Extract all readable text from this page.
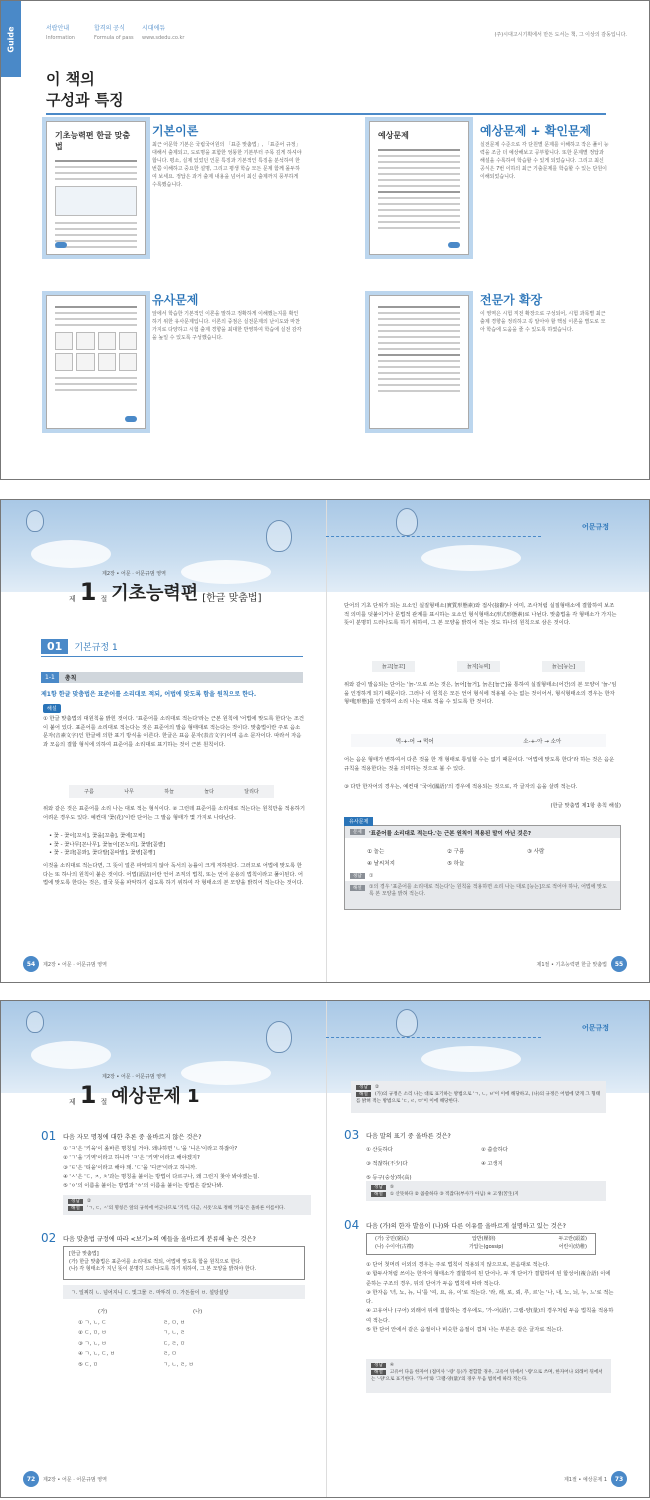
Guide	서랍안내
Information
합격의 공식
Formula of pass
시대에듀
www.sdedu.co.kr	(주)시대고시기획에서 만든 도서는 책, 그 이상의 감동입니다.
이 책의
구성과 특징
기초능력편 한글 맞춤법
기본이론
최근 어문학 기본은 국립국어원의 「표준 맞춤법」, 「표준어 규정」 대해서 출제되고, 도로명을 포함한 엉뚱한 기본부터 주목 깊게 하셔야 합니다. 평소, 실제 있었던 인문 특징과 기본적인 특징을 분석하여 한번쯤 이해하고 중요한 설명, 그리고 평생 학습 모든 문제 함께 몰두하여 보세요. 정답은 과거 출제 내용을 넘어서 최신 출제까지 풍부하게 수록했습니다.
예상문제	예상문제 + 확인문제
실전문제 수준으로 각 단원별 문제를 이해하고 작은 풀이 능력을 조금 더 예상해보고 공부합니다. 또한 문제별 정답과 해설을 수록하여 학습할 수 있게 되었습니다. 그리고 최신 공식은 7번 이하의 최근 기출문제를 학습할 수 있는 단원이 이해되었습니다.
유사문제
앞에서 학습한 기본적인 이론을 말하고 정확하게 이해했는지를 확인하기 위한 유사문제입니다. 이론의 중점은 실전문제의 난이도와 마찬가지로 다양하고 시험 출제 경향을 최대한 반영하여 학습에 실전 감각을 높일 수 있도록 구성했습니다.
전문가 확장
이 영역은 시험 직전 확장으로 구성되어, 시험 과목별 최근 출제 경향을 정리하고 꼭 알아야 할 핵심 이론을 별도로 모아 학습에 도움을 줄 수 있도록 하였습니다.
어문규정
제2장 • 어문 · 어문규범 영역
제 1 절 기초능력편 [한글 맞춤법]
01	기본규정 1
1-1	총칙
제1항 한글 맞춤법은 표준어를 소리대로 적되, 어법에 맞도록 함을 원칙으로 한다.
해설
① 한글 맞춤법의 대원칙을 밝힌 것이다. '표준어를 소리대로 적는다'라는 근본 원칙에 '어법에 맞도록 한다'는 조건이 붙어 있다. 표준어를 소리대로 적는다는 것은 표준어의 발음 형태대로 적는다는 것이다. 맞춤법이란 주로 음소 문자(音素文字)인 한글에 의한 표기 방식을 이른다. 한글은 표음 문자(表音文字)이며 음소 문자이다. 따라서 자음과 모음의 결합 형식에 의하여 표준어를 소리대로 표기하는 것이 근본 원칙이다.
구름	나무	하늘	놀다	달리다
위와 같은 것은 표준어를 소리 나는 대로 적는 형식이다. ② 그런데 표준어를 소리대로 적는다는 원칙만을 적용하기 어려운 경우도 있다. 예컨대 '꽃(花)'이란 단어는 그 발음 형태가 몇 가지로 나타난다.
• 꽃 - 꽃이[꼬치], 꽃을[꼬츨], 꽃에[꼬체]
• 꽃 - 꽃나무[꼰나무], 꽃놀이[꼰노리], 꽃밭[꼳빧]
• 꽃 - 꽃과[꼳꽈], 꽃다발[꼳따발], 꽃병[꼳뼝]
이것을 소리대로 적는다면, 그 뜻이 얼른 파악되지 않아 독서의 능률이 크게 저하된다. 그러므로 어법에 맞도록 한다는 또 하나의 원칙이 붙은 것이다. 어법(語法)이란 언어 조직의 법칙, 또는 언어 운용의 법칙이라고 풀이된다. 어법에 맞도록 한다는 것은, 결국 뜻을 파악하기 쉽도록 하기 위하여 각 형태소의 본 모양을 밝히어 적는다는 것이다.
단어의 기초 단위가 되는 요소인 실질형태소(實質形態素)와 접사(接辭)나 어미, 조사처럼 실질형태소에 결합하여 보조적 의미를 덧붙이거나 문법적 관계를 표시하는 요소인 형식형태소(形式形態素)로 나뉜다. 맞춤법을 각 형태소가 가지는 뜻이 분명히 드러나도록 하기 위하여, 그 본 모양을 밝히어 적는 것도 하나의 원칙으로 삼은 것이다.
늙고[늘꼬]	늙지[늑찌]	늙는[능는]
위와 같이 발음되는 단어는 '늙-'으로 쓰는 것은, 늙어[늘거], 늙은[늘근]을 통하여 실질형태소(어간)의 본 모양이 '늙-'임을 인정하게 되기 때문이다. 그러나 이 원칙은 모든 언어 형식에 적용될 수는 없는 것이어서, 형식형태소의 경우는 한자 형태[形態]를 인정하여 소리 나는 대로 적을 수 있도록 한 것이다.
먹-+-어 → 먹어	소-+-아 → 소아
어는 음운 형태가 변하여서 다른 것을 한 개 형태로 통일할 수는 없기 때문이다. '어법에 맞도록 한다'라 하는 것은 음운 규칙을 적용한다는 것을 의미하는 것으로 볼 수 있다.
③ 다만 한자어의 경우는, 예컨대 '국어(國語)'의 경우에 적용되는 것으로, 각 글자의 음을 살려 적는다.
(한글 맞춤법 제1항 총칙 해설)
유사문제
문제	'표준어를 소리대로 적는다.'는 근본 원칙이 적용된 말이 아닌 것은?
① 놀는	② 구름	③ 사람
④ 날씨처지	⑤ 하늘
정답	①
해설	①의 경우 '표준어를 소리대로 적는다'는 원칙을 적용하면 소리 나는 대로 [능는]으로 적어야 하나, 어법에 맞도록 본 모양을 밝혀 적는다.
54	제2장 • 어문 · 어문규범 영역	제1절 • 기초능력편 한글 맞춤법	55
어문규정
제2장 • 어문 · 어문규범 영역
제 1 절 예상문제 1
01 다음 자모 명칭에 대한 추론 중 올바르지 않은 것은?
① 'ㅋ'은 '키읔'이 올바른 명칭일 거야. 왜냐하면 'ㄴ'을 '니은'이라고 하잖아?
② 'ㄱ'을 '기역'이라고 하니까 'ㅋ'은 '키역'이라고 해야겠지?
③ 'ㅌ'은 '티읕'이라고 해야 돼. 'ㄷ'을 '디귿'이라고 하니까.
④ 'ㅅ'은 'ㄷ, ㅈ, ㅊ'과는 명칭을 붙이는 방법이 다르구나, 왜 그런지 찾아 봐야겠는걸.
⑤ 'ㅇ'의 이름을 붙이는 방법과 'ㅎ'의 이름을 붙이는 방법은 같았나봐.
정답 ②
해설 'ㄱ, ㄷ, ㅅ'의 명칭은 앞의 규칙에 어긋나므로 '기역, 디귿, 시옷'으로 정해 '키읔'은 올바른 이름이다.
02 다음 맞춤법 규정에 따라 <보기>의 예들을 올바르게 분류해 놓은 것은?
[한글 맞춤법]
(가) 한글 맞춤법은 표준어를 소리대로 적되, 어법에 맞도록 함을 원칙으로 한다.
(나) 각 형태소가 지닌 뜻이 분명히 드러나도록 하기 위하여, 그 본 모양을 밝혀야 한다.
ㄱ. 일찌히 ㄴ. 넘어지니 ㄷ. 빛그물 ㄹ. 마뚜히 ㅁ. 가든들이 ㅂ. 설탕설탕
(가)	(나)
① ㄱ, ㄴ, ㄷ	ㄹ, ㅁ, ㅂ
② ㄷ, ㅁ, ㅂ	ㄱ, ㄴ, ㄹ
③ ㄱ, ㄴ, ㅂ	ㄷ, ㄹ, ㅁ
④ ㄱ, ㄴ, ㄷ, ㅂ	ㄹ, ㅁ
⑤ ㄷ, ㅁ	ㄱ, ㄴ, ㄹ, ㅂ
정답 ②
해설 (가)의 규정은 소리 나는 대로 표기하는 방법으로 'ㄱ, ㄴ, ㅂ'이 이에 해당하고, (나)의 규정은 어법에 맞게 그 형태를 밝혀 적는 방법으로 'ㄷ, ㄹ, ㅁ'이 이에 해당한다.
03 다음 말의 표기 중 올바른 것은?
① 산듯하다	② 씁슬하다
③ 적잖하(不少)다	④ 고생지
⑤ 등구(숭상)하(高)
정답 ⑤
해설 ① 산뜻하다 ② 씁쓸하다 ③ 적잖다(부사가 아님) ④ 고생(苦生)지
04 다음 (가)의 한자 발음이 (나)와 다른 이유를 올바르게 설명하고 있는 것은?
(가) 궁민(窮民)	압반(壓倒)	두고란(頭蓋)
(나) 수이아(古禮)	가압는(gossip)	어린이(幼稚)
① 단어 첫머리 이외의 경우는 주로 법칙이 적용되지 않으므로, 본음대로 적는다.
② 합두사처럼 쓰이는 한자어 형태소가 결합하여 된 단어나, 두 개 단어가 결합하여 된 합성어(複合語) 이에 준하는 구조의 경우, 뒤의 단어가 두음 법칙에 따라 적는다.
③ 한자음 '녀, 뇨, 뉴, 니'를 '여, 요, 유, 이'로 적는다. '라, 래, 로, 뢰, 루, 르'는 '나, 내, 노, 뇌, 누, 느'로 적는다.
④ 고유어나 (구어) 외래어 뒤에 결합하는 경우에도, '가-어(語)', 그램-양(量)의 경우처럼 두음 법칙을 적용하여 적는다.
⑤ 한 단어 안에서 같은 음절이나 비슷한 음절이 겹쳐 나는 부분은 같은 글자로 적는다.
정답 ④
해설 고유어 다음 한자어 (접미사 '-량' 등)가 결합할 경우, 고유어 뒤에서 '-량'으로 쓰며, 한자어나 외래어 뒤에서는 '-양'으로 표기한다. '가-어'와 '그램-양(量)'의 경우 두음 법칙에 따라 적는다.
72	제2장 • 어문 · 어문규범 영역	제1절 • 예상문제 1	73
